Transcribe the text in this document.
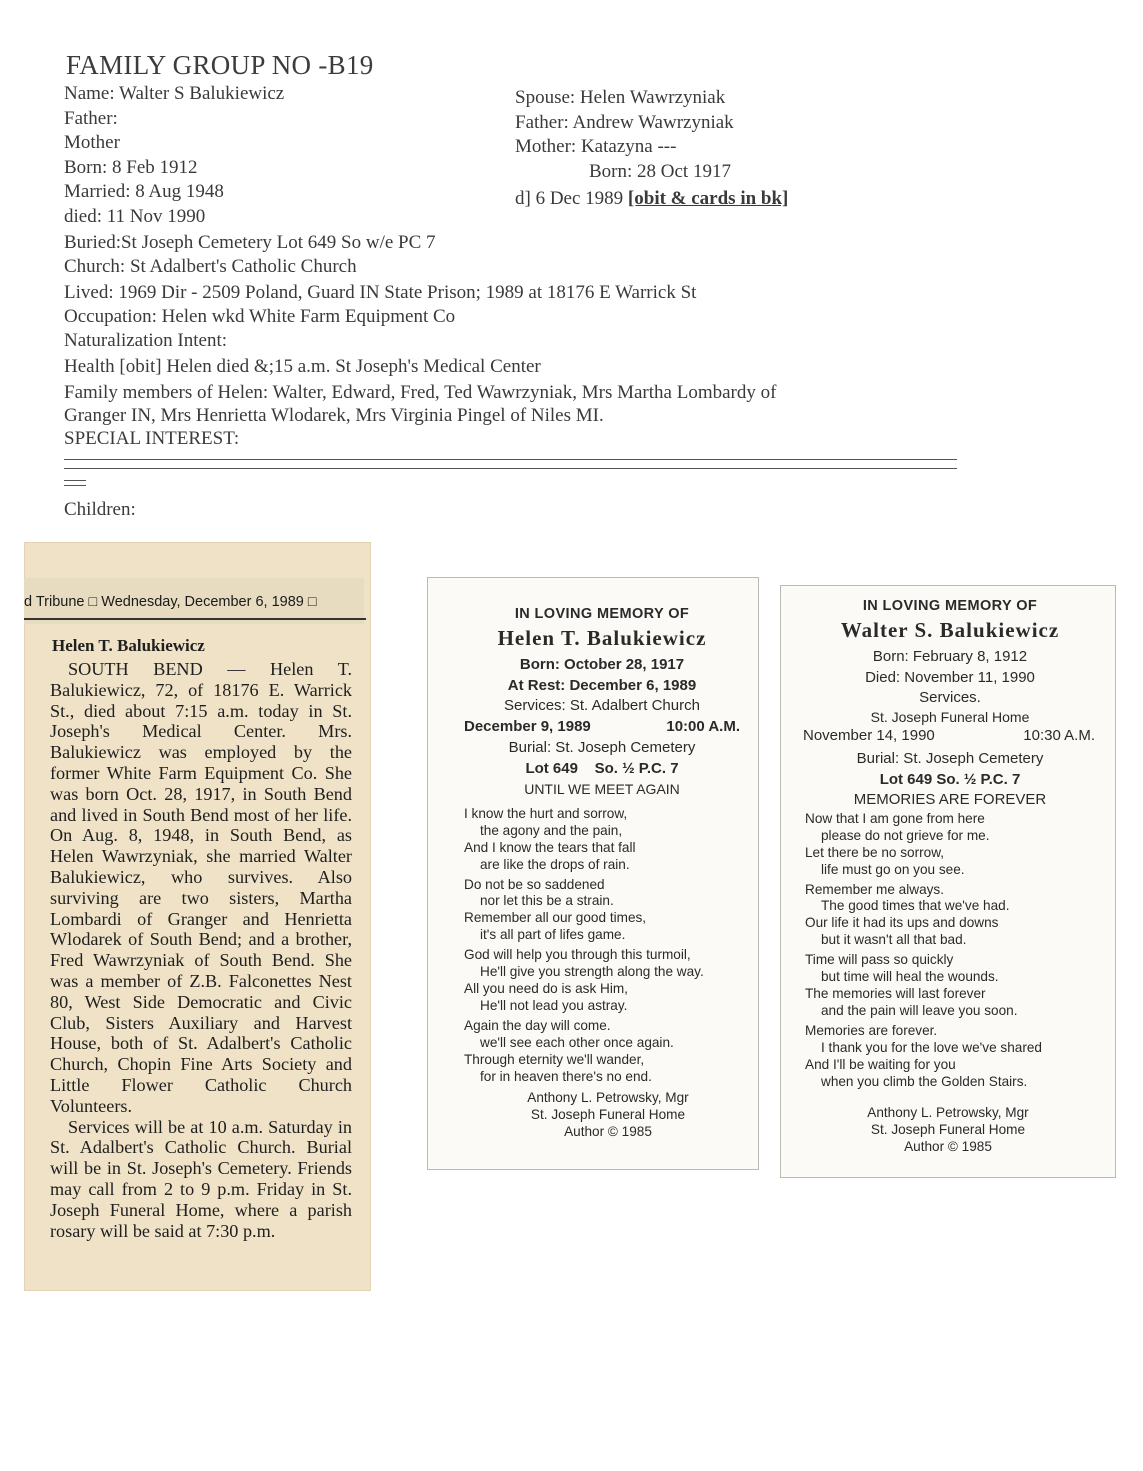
FAMILY GROUP NO -B19
Name: Walter S Balukiewicz
Father:
Mother
Born: 8 Feb 1912
Married: 8 Aug 1948
died: 11 Nov 1990
Spouse: Helen Wawrzyniak
Father: Andrew Wawrzyniak
Mother: Katazyna ---
Born: 28 Oct 1917
d] 6 Dec 1989 [obit & cards in bk]
Buried:St Joseph Cemetery Lot 649 So w/e PC 7
Church: St Adalbert's Catholic Church
Lived: 1969 Dir - 2509 Poland, Guard IN State Prison; 1989 at 18176 E Warrick St
Occupation: Helen wkd White Farm Equipment Co
Naturalization Intent:
Health [obit] Helen died &;15 a.m. St Joseph's Medical Center
Family members of Helen: Walter, Edward, Fred, Ted Wawrzyniak, Mrs Martha Lombardy of
Granger IN, Mrs Henrietta Wlodarek, Mrs Virginia Pingel of Niles MI.
SPECIAL INTEREST:
Children:
d Tribune □ Wednesday, December 6, 1989 □
Helen T. Balukiewicz

SOUTH BEND — Helen T. Balukiewicz, 72, of 18176 E. Warrick St., died about 7:15 a.m. today in St. Joseph's Medical Center. Mrs. Balukiewicz was employed by the former White Farm Equipment Co. She was born Oct. 28, 1917, in South Bend and lived in South Bend most of her life. On Aug. 8, 1948, in South Bend, as Helen Wawrzyniak, she married Walter Balukiewicz, who survives. Also surviving are two sisters, Martha Lombardi of Granger and Henrietta Wlodarek of South Bend; and a brother, Fred Wawrzyniak of South Bend. She was a member of Z.B. Falconettes Nest 80, West Side Democratic and Civic Club, Sisters Auxiliary and Harvest House, both of St. Adalbert's Catholic Church, Chopin Fine Arts Society and Little Flower Catholic Church Volunteers.

Services will be at 10 a.m. Saturday in St. Adalbert's Catholic Church. Burial will be in St. Joseph's Cemetery. Friends may call from 2 to 9 p.m. Friday in St. Joseph Funeral Home, where a parish rosary will be said at 7:30 p.m.

IN LOVING MEMORY OF
Helen T. Balukiewicz
Born: October 28, 1917
At Rest: December 6, 1989
Services: St. Adalbert Church
December 9, 1989	10:00 A.M.
Burial: St. Joseph Cemetery
Lot 649 So. ½ P.C. 7
UNTIL WE MEET AGAIN
I know the hurt and sorrow,
the agony and the pain,
And I know the tears that fall
are like the drops of rain.
Do not be so saddened
nor let this be a strain.
Remember all our good times,
it's all part of lifes game.
God will help you through this turmoil,
He'll give you strength along the way.
All you need do is ask Him,
He'll not lead you astray.
Again the day will come.
we'll see each other once again.
Through eternity we'll wander,
for in heaven there's no end.
Anthony L. Petrowsky, Mgr
St. Joseph Funeral Home
Author © 1985
IN LOVING MEMORY OF
Walter S. Balukiewicz
Born: February 8, 1912
Died: November 11, 1990
Services.
St. Joseph Funeral Home
November 14, 1990	10:30 A.M.
Burial: St. Joseph Cemetery
Lot 649 So. ½ P.C. 7
MEMORIES ARE FOREVER
Now that I am gone from here
please do not grieve for me.
Let there be no sorrow,
life must go on you see.
Remember me always.
The good times that we've had.
Our life it had its ups and downs
but it wasn't all that bad.
Time will pass so quickly
but time will heal the wounds.
The memories will last forever
and the pain will leave you soon.
Memories are forever.
I thank you for the love we've shared
And I'll be waiting for you
when you climb the Golden Stairs.
Anthony L. Petrowsky, Mgr
St. Joseph Funeral Home
Author © 1985
